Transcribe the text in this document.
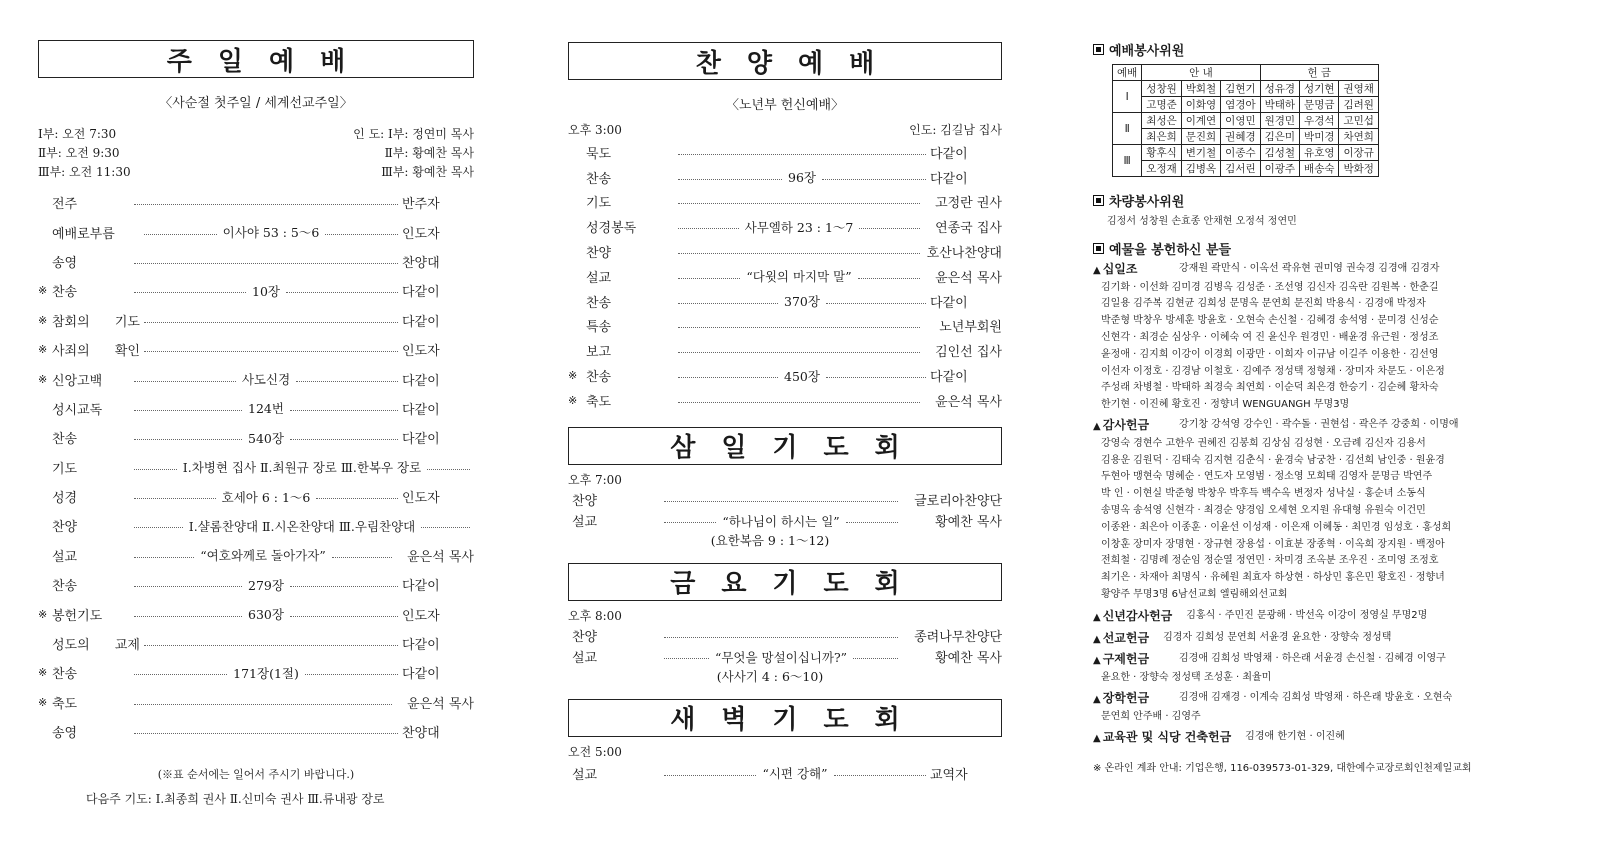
주일예배
〈사순절 첫주일 / 세계선교주일〉
Ⅰ부: 오전 7:30
Ⅱ부: 오전 9:30
Ⅲ부: 오전 11:30
인 도: Ⅰ부: 정연미 목사
Ⅱ부: 황예찬 목사
Ⅲ부: 황예찬 목사
전주	반주자
예배로부름	이사야 53 : 5～6	인도자
송영	찬양대
※ 찬송	10장	다같이
※ 참회의 기도	다같이
※ 사죄의 확인	인도자
※ 신앙고백	사도신경	다같이
성시교독	124번	다같이
찬송	540장	다같이
기도	Ⅰ.차병현 집사 Ⅱ.최원규 장로 Ⅲ.한복우 장로
성경	호세아 6 : 1～6	인도자
찬양	Ⅰ.샬롬찬양대 Ⅱ.시온찬양대 Ⅲ.우림찬양대
설교	“여호와께로 돌아가자”	윤은석 목사
찬송	279장	다같이
※ 봉헌기도	630장	인도자
성도의 교제	다같이
※ 찬송	171장(1절)	다같이
※ 축도	윤은석 목사
송영	찬양대
(※표 순서에는 일어서 주시기 바랍니다.)
다음주 기도: Ⅰ.최종희 권사 Ⅱ.신미숙 권사 Ⅲ.류내광 장로
찬양예배
〈노년부 헌신예배〉
오후 3:00	인도: 김길남 집사
묵도	다같이
찬송	96장	다같이
기도	고정란 권사
성경봉독	사무엘하 23 : 1～7	연종국 집사
찬양	호산나찬양대
설교	“다윗의 마지막 말”	윤은석 목사
찬송	370장	다같이
특송	노년부회원
보고	김인선 집사
※ 찬송	450장	다같이
※ 축도	윤은석 목사
삼일기도회
오후 7:00
찬양	글로리아찬양단
설교	“하나님이 하시는 일”	황예찬 목사
(요한복음 9 : 1～12)
금요기도회
오후 8:00
찬양	종려나무찬양단
설교	“무엇을 망설이십니까?”	황예찬 목사
(사사기 4 : 6～10)
새벽기도회
오전 5:00
설교	“시편 강해”	교역자
예배봉사위원
예배	안 내			헌 금		
Ⅰ	성창원	박회철	김현기	성유경	성기현	권영채
	고명준	이화영	염경아	박태하	문명금	김려원
Ⅱ	최성은	이계연	이영민	원경민	우경석	고민섭
	최은희	문진희	권혜경	김은미	박미경	차연희
Ⅲ	황후식	변기철	이종수	김성철	유호영	이장규
	오정재	김병옥	김서린	이광주	배송숙	박화정
차량봉사위원
김정서 성창원 손효종 안채현 오정석 정연민
예물을 봉헌하신 분들
▲ 십일조	강재원 곽만식 · 이옥선 곽유현 권미영 권숙경 김경애 김경자
김기화 · 이선화 김미경 김병옥 김성준 · 조선영 김신자 김옥란 김원복 · 한춘길
김일용 김주복 김현균 김희성 문명옥 문연희 문진희 박용식 · 김경애 박정자
박준형 박창우 방세훈 방윤호 · 오현숙 손신철 · 김혜경 송석영 · 문미경 신성순
신현각 · 최경순 심상우 · 이혜숙 여 진 윤신우 원경민 · 배윤경 유근원 · 정성조
윤정애 · 김지희 이강이 이경희 이광만 · 이희자 이규남 이길주 이용한 · 김선영
이선자 이정호 · 김경남 이철호 · 김예주 정성택 정형채 · 장미자 차문도 · 이은정
주성래 차병철 · 박태하 최경숙 최연희 · 이순덕 최은경 한승기 · 김순혜 황차숙
한기현 · 이진혜 황호진 · 정향녀 WENGUANGH 무명3명
▲ 감사헌금	강기창 강석영 강수인 · 곽수돌 · 권현섭 · 곽은주 강중희 · 이명애
강영숙 경현수 고한우 권혜진 김봉희 김상심 김성현 · 오금례 김신자 김용서
김용운 김원덕 · 김태숙 김지현 김춘식 · 윤경숙 남궁찬 · 김선희 남인중 · 원윤경
두현아 맹현숙 명혜순 · 연도자 모영범 · 정소영 모희태 김영자 문명금 박연주
박 인 · 이현실 박준형 박창우 박후득 백수옥 변정자 성낙실 · 홍순녀 소동식
송명옥 송석영 신현각 · 최경순 양경임 오세현 오지원 유대형 유원숙 이건민
이종완 · 최은아 이종훈 · 이윤선 이성재 · 이은재 이혜동 · 최민경 임성호 · 홍성희
이창훈 장미자 장명현 · 장규현 장용섭 · 이효분 장종혁 · 이옥희 장지원 · 백정아
전희철 · 김명례 정순임 정순열 정연민 · 차미경 조옥분 조우진 · 조미영 조정호
최기은 · 차재아 최명식 · 유혜원 최효자 하상현 · 하상민 홍은민 황호진 · 정향녀
황양주 무명3명 6남선교회 엘림해외선교회
▲ 신년감사헌금 김홍식 · 주민진 문광해 · 박선옥 이강이 정영실 무명2명
▲ 선교헌금 김경자 김희성 문연희 서윤경 윤요한 · 장향숙 정성택
▲ 구제헌금	김경애 김희성 박영채 · 하은래 서윤경 손신철 · 김혜경 이영구
윤요한 · 장향숙 정성택 조성훈 · 최율미
▲ 장학헌금	김경애 김재경 · 이계숙 김희성 박영채 · 하은래 방윤호 · 오현숙
문연희 안주배 · 김영주
▲ 교육관 및 식당 건축헌금 김경애 한기현 · 이진혜
※ 온라인 계좌 안내: 기업은행, 116-039573-01-329, 대한예수교장로회인천제일교회
